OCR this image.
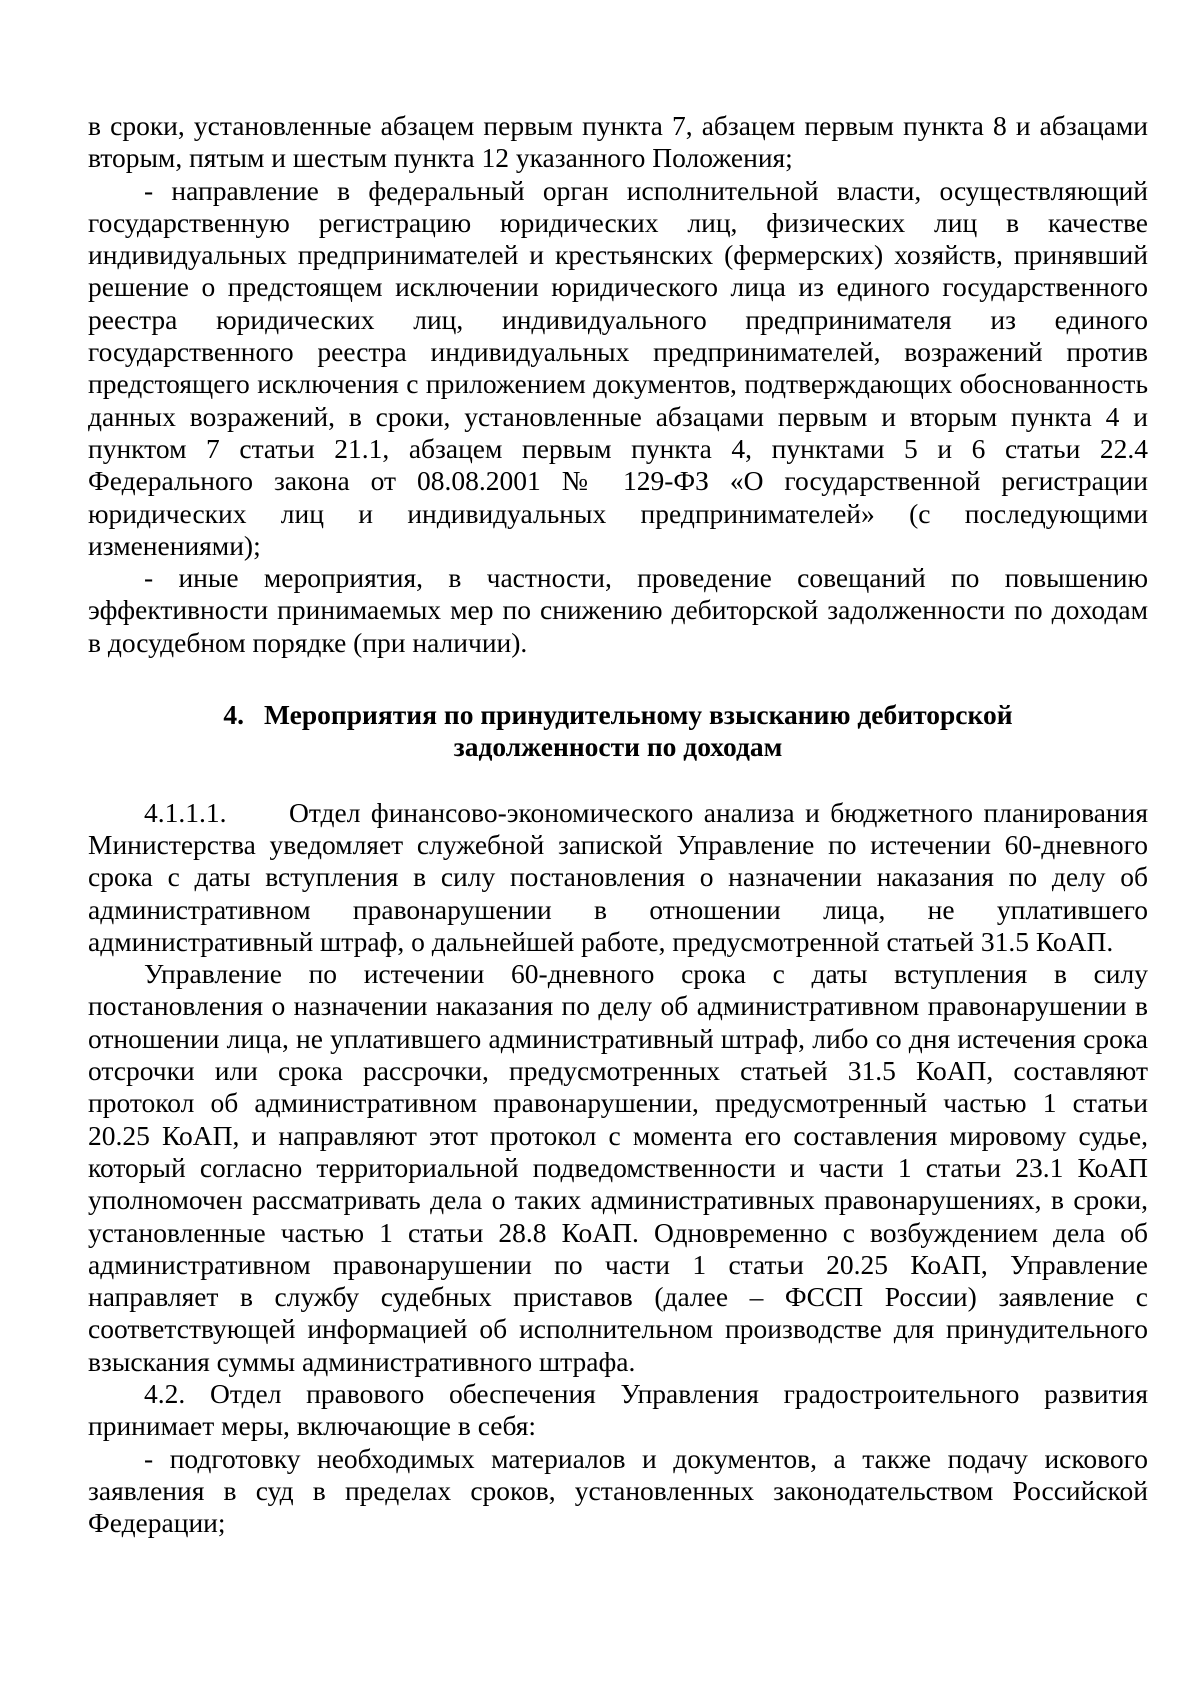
в сроки, установленные абзацем первым пункта 7, абзацем первым пункта 8 и абзацами вторым, пятым и шестым пункта 12 указанного Положения;

- направление в федеральный орган исполнительной власти, осуществляющий государственную регистрацию юридических лиц, физических лиц в качестве индивидуальных предпринимателей и крестьянских (фермерских) хозяйств, принявший решение о предстоящем исключении юридического лица из единого государственного реестра юридических лиц, индивидуального предпринимателя из единого государственного реестра индивидуальных предпринимателей, возражений против предстоящего исключения с приложением документов, подтверждающих обоснованность данных возражений, в сроки, установленные абзацами первым и вторым пункта 4 и пунктом 7 статьи 21.1, абзацем первым пункта 4, пунктами 5 и 6 статьи 22.4 Федерального закона от 08.08.2001 № 129-ФЗ «О государственной регистрации юридических лиц и индивидуальных предпринимателей» (с последующими изменениями);

- иные мероприятия, в частности, проведение совещаний по повышению эффективности принимаемых мер по снижению дебиторской задолженности по доходам в досудебном порядке (при наличии).

4. Мероприятия по принудительному взысканию дебиторской
задолженности по доходам

4.1.1.1. Отдел финансово-экономического анализа и бюджетного планирования Министерства уведомляет служебной запиской Управление по истечении 60-дневного срока с даты вступления в силу постановления о назначении наказания по делу об административном правонарушении в отношении лица, не уплатившего административный штраф, о дальнейшей работе, предусмотренной статьей 31.5 КоАП.

Управление по истечении 60-дневного срока с даты вступления в силу постановления о назначении наказания по делу об административном правонарушении в отношении лица, не уплатившего административный штраф, либо со дня истечения срока отсрочки или срока рассрочки, предусмотренных статьей 31.5 КоАП, составляют протокол об административном правонарушении, предусмотренный частью 1 статьи 20.25 КоАП, и направляют этот протокол с момента его составления мировому судье, который согласно территориальной подведомственности и части 1 статьи 23.1 КоАП уполномочен рассматривать дела о таких административных правонарушениях, в сроки, установленные частью 1 статьи 28.8 КоАП. Одновременно с возбуждением дела об административном правонарушении по части 1 статьи 20.25 КоАП, Управление направляет в службу судебных приставов (далее – ФССП России) заявление с соответствующей информацией об исполнительном производстве для принудительного взыскания суммы административного штрафа.

4.2. Отдел правового обеспечения Управления градостроительного развития принимает меры, включающие в себя:

- подготовку необходимых материалов и документов, а также подачу искового заявления в суд в пределах сроков, установленных законодательством Российской Федерации;
